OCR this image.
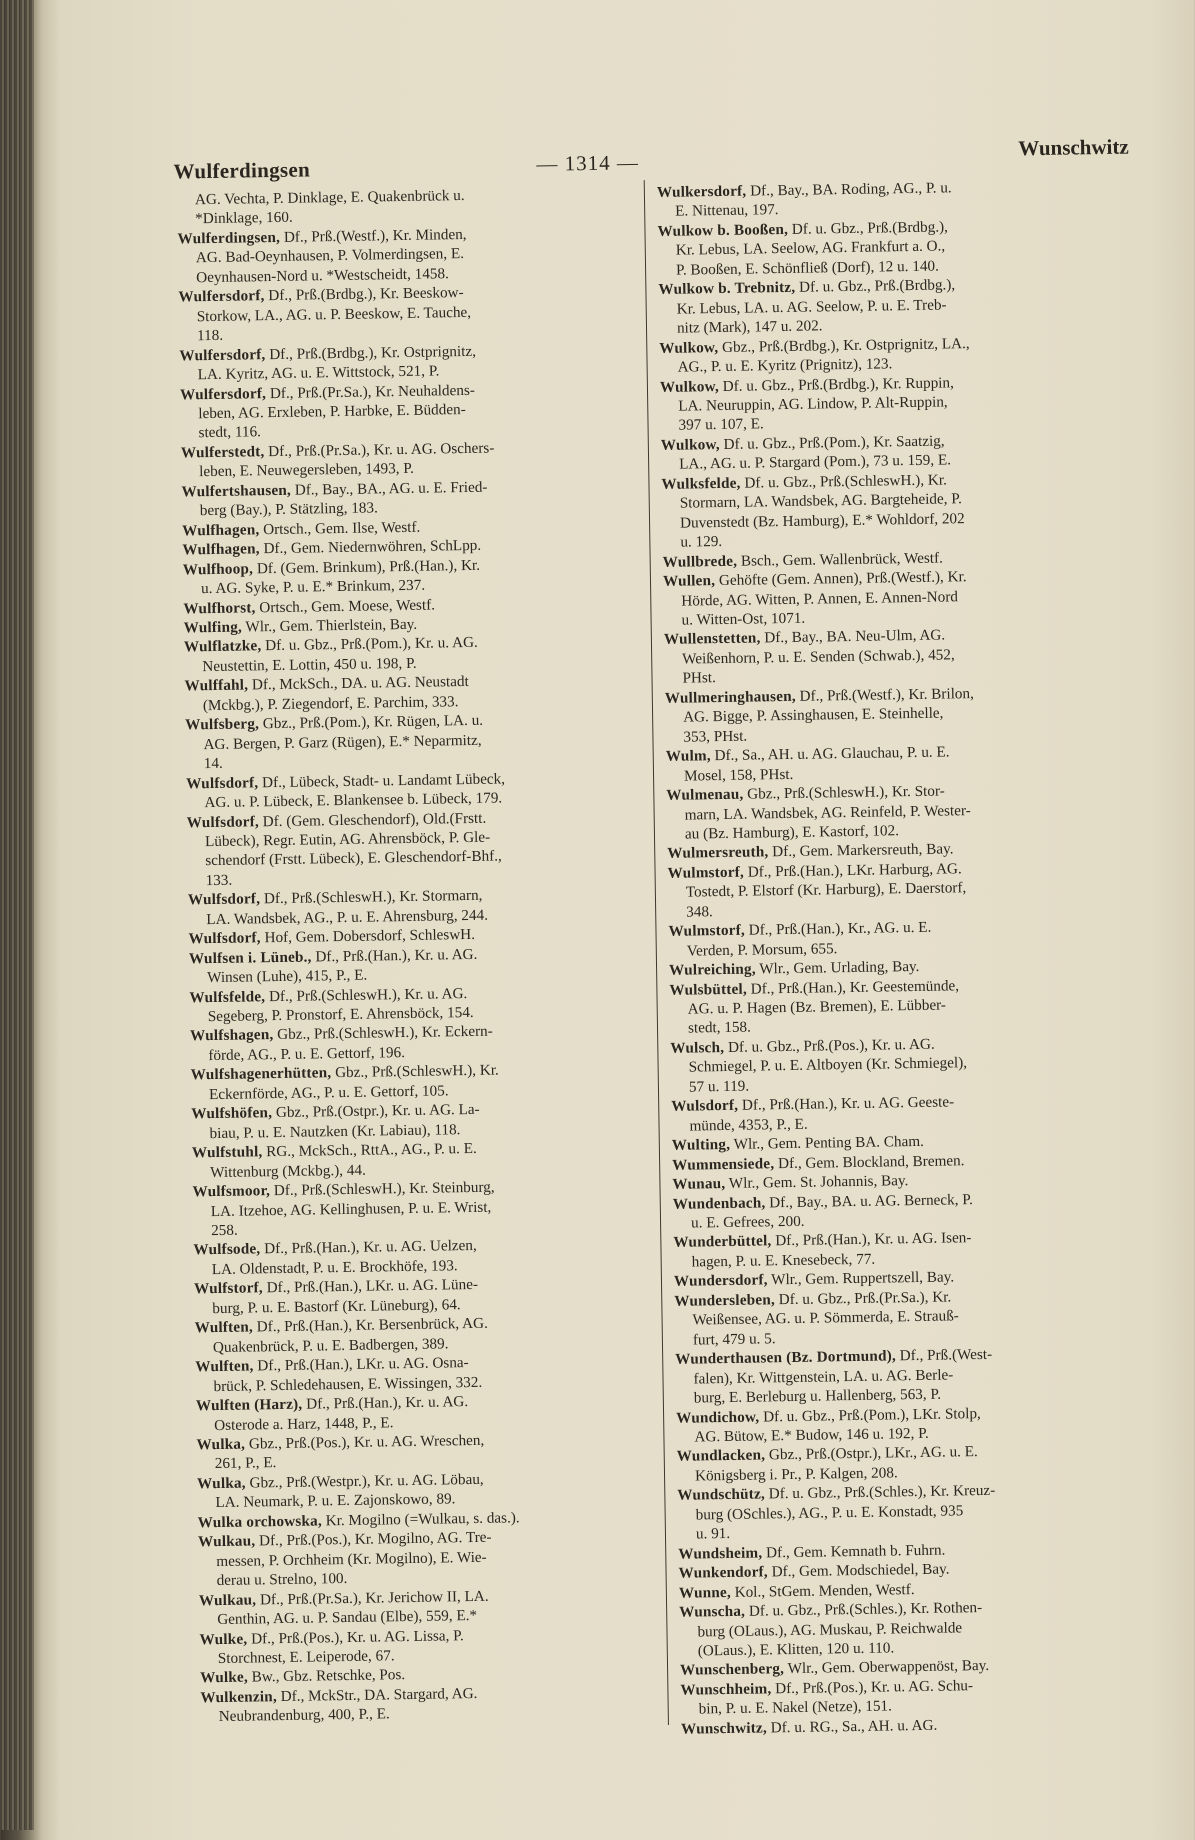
Wulferdingsen	— 1314 —
Wunschwitz
AG. Vechta, P. Dinklage, E. Quakenbrück u.
*Dinklage, 160.
Wulferdingsen, Df., Prß.(Westf.), Kr. Minden,
AG. Bad-Oeynhausen, P. Volmerdingsen, E.
Oeynhausen-Nord u. *Westscheidt, 1458.
Wulfersdorf, Df., Prß.(Brdbg.), Kr. Beeskow-
Storkow, LA., AG. u. P. Beeskow, E. Tauche,
118.
Wulfersdorf, Df., Prß.(Brdbg.), Kr. Ostprignitz,
LA. Kyritz, AG. u. E. Wittstock, 521, P.
Wulfersdorf, Df., Prß.(Pr.Sa.), Kr. Neuhaldens-
leben, AG. Erxleben, P. Harbke, E. Büdden-
stedt, 116.
Wulferstedt, Df., Prß.(Pr.Sa.), Kr. u. AG. Oschers-
leben, E. Neuwegersleben, 1493, P.
Wulfertshausen, Df., Bay., BA., AG. u. E. Fried-
berg (Bay.), P. Stätzling, 183.
Wulfhagen, Ortsch., Gem. Ilse, Westf.
Wulfhagen, Df., Gem. Niedernwöhren, SchLpp.
Wulfhoop, Df. (Gem. Brinkum), Prß.(Han.), Kr.
u. AG. Syke, P. u. E.* Brinkum, 237.
Wulfhorst, Ortsch., Gem. Moese, Westf.
Wulfing, Wlr., Gem. Thierlstein, Bay.
Wulflatzke, Df. u. Gbz., Prß.(Pom.), Kr. u. AG.
Neustettin, E. Lottin, 450 u. 198, P.
Wulffahl, Df., MckSch., DA. u. AG. Neustadt
(Mckbg.), P. Ziegendorf, E. Parchim, 333.
Wulfsberg, Gbz., Prß.(Pom.), Kr. Rügen, LA. u.
AG. Bergen, P. Garz (Rügen), E.* Neparmitz,
14.
Wulfsdorf, Df., Lübeck, Stadt- u. Landamt Lübeck,
AG. u. P. Lübeck, E. Blankensee b. Lübeck, 179.
Wulfsdorf, Df. (Gem. Gleschendorf), Old.(Frstt.
Lübeck), Regr. Eutin, AG. Ahrensböck, P. Gle-
schendorf (Frstt. Lübeck), E. Gleschendorf-Bhf.,
133.
Wulfsdorf, Df., Prß.(SchleswH.), Kr. Stormarn,
LA. Wandsbek, AG., P. u. E. Ahrensburg, 244.
Wulfsdorf, Hof, Gem. Dobersdorf, SchleswH.
Wulfsen i. Lüneb., Df., Prß.(Han.), Kr. u. AG.
Winsen (Luhe), 415, P., E.
Wulfsfelde, Df., Prß.(SchleswH.), Kr. u. AG.
Segeberg, P. Pronstorf, E. Ahrensböck, 154.
Wulfshagen, Gbz., Prß.(SchleswH.), Kr. Eckern-
förde, AG., P. u. E. Gettorf, 196.
Wulfshagenerhütten, Gbz., Prß.(SchleswH.), Kr.
Eckernförde, AG., P. u. E. Gettorf, 105.
Wulfshöfen, Gbz., Prß.(Ostpr.), Kr. u. AG. La-
biau, P. u. E. Nautzken (Kr. Labiau), 118.
Wulfstuhl, RG., MckSch., RttA., AG., P. u. E.
Wittenburg (Mckbg.), 44.
Wulfsmoor, Df., Prß.(SchleswH.), Kr. Steinburg,
LA. Itzehoe, AG. Kellinghusen, P. u. E. Wrist,
258.
Wulfsode, Df., Prß.(Han.), Kr. u. AG. Uelzen,
LA. Oldenstadt, P. u. E. Brockhöfe, 193.
Wulfstorf, Df., Prß.(Han.), LKr. u. AG. Lüne-
burg, P. u. E. Bastorf (Kr. Lüneburg), 64.
Wulften, Df., Prß.(Han.), Kr. Bersenbrück, AG.
Quakenbrück, P. u. E. Badbergen, 389.
Wulften, Df., Prß.(Han.), LKr. u. AG. Osna-
brück, P. Schledehausen, E. Wissingen, 332.
Wulften (Harz), Df., Prß.(Han.), Kr. u. AG.
Osterode a. Harz, 1448, P., E.
Wulka, Gbz., Prß.(Pos.), Kr. u. AG. Wreschen,
261, P., E.
Wulka, Gbz., Prß.(Westpr.), Kr. u. AG. Löbau,
LA. Neumark, P. u. E. Zajonskowo, 89.
Wulka orchowska, Kr. Mogilno (=Wulkau, s. das.).
Wulkau, Df., Prß.(Pos.), Kr. Mogilno, AG. Tre-
messen, P. Orchheim (Kr. Mogilno), E. Wie-
derau u. Strelno, 100.
Wulkau, Df., Prß.(Pr.Sa.), Kr. Jerichow II, LA.
Genthin, AG. u. P. Sandau (Elbe), 559, E.*
Wulke, Df., Prß.(Pos.), Kr. u. AG. Lissa, P.
Storchnest, E. Leiperode, 67.
Wulke, Bw., Gbz. Retschke, Pos.
Wulkenzin, Df., MckStr., DA. Stargard, AG.
Neubrandenburg, 400, P., E.
Wulkersdorf, Df., Bay., BA. Roding, AG., P. u.
E. Nittenau, 197.
Wulkow b. Booßen, Df. u. Gbz., Prß.(Brdbg.),
Kr. Lebus, LA. Seelow, AG. Frankfurt a. O.,
P. Booßen, E. Schönfließ (Dorf), 12 u. 140.
Wulkow b. Trebnitz, Df. u. Gbz., Prß.(Brdbg.),
Kr. Lebus, LA. u. AG. Seelow, P. u. E. Treb-
nitz (Mark), 147 u. 202.
Wulkow, Gbz., Prß.(Brdbg.), Kr. Ostprignitz, LA.,
AG., P. u. E. Kyritz (Prignitz), 123.
Wulkow, Df. u. Gbz., Prß.(Brdbg.), Kr. Ruppin,
LA. Neuruppin, AG. Lindow, P. Alt-Ruppin,
397 u. 107, E.
Wulkow, Df. u. Gbz., Prß.(Pom.), Kr. Saatzig,
LA., AG. u. P. Stargard (Pom.), 73 u. 159, E.
Wulksfelde, Df. u. Gbz., Prß.(SchleswH.), Kr.
Stormarn, LA. Wandsbek, AG. Bargteheide, P.
Duvenstedt (Bz. Hamburg), E.* Wohldorf, 202
u. 129.
Wullbrede, Bsch., Gem. Wallenbrück, Westf.
Wullen, Gehöfte (Gem. Annen), Prß.(Westf.), Kr.
Hörde, AG. Witten, P. Annen, E. Annen-Nord
u. Witten-Ost, 1071.
Wullenstetten, Df., Bay., BA. Neu-Ulm, AG.
Weißenhorn, P. u. E. Senden (Schwab.), 452,
PHst.
Wullmeringhausen, Df., Prß.(Westf.), Kr. Brilon,
AG. Bigge, P. Assinghausen, E. Steinhelle,
353, PHst.
Wulm, Df., Sa., AH. u. AG. Glauchau, P. u. E.
Mosel, 158, PHst.
Wulmenau, Gbz., Prß.(SchleswH.), Kr. Stor-
marn, LA. Wandsbek, AG. Reinfeld, P. Wester-
au (Bz. Hamburg), E. Kastorf, 102.
Wulmersreuth, Df., Gem. Markersreuth, Bay.
Wulmstorf, Df., Prß.(Han.), LKr. Harburg, AG.
Tostedt, P. Elstorf (Kr. Harburg), E. Daerstorf,
348.
Wulmstorf, Df., Prß.(Han.), Kr., AG. u. E.
Verden, P. Morsum, 655.
Wulreiching, Wlr., Gem. Urlading, Bay.
Wulsbüttel, Df., Prß.(Han.), Kr. Geestemünde,
AG. u. P. Hagen (Bz. Bremen), E. Lübber-
stedt, 158.
Wulsch, Df. u. Gbz., Prß.(Pos.), Kr. u. AG.
Schmiegel, P. u. E. Altboyen (Kr. Schmiegel),
57 u. 119.
Wulsdorf, Df., Prß.(Han.), Kr. u. AG. Geeste-
münde, 4353, P., E.
Wulting, Wlr., Gem. Penting BA. Cham.
Wummensiede, Df., Gem. Blockland, Bremen.
Wunau, Wlr., Gem. St. Johannis, Bay.
Wundenbach, Df., Bay., BA. u. AG. Berneck, P.
u. E. Gefrees, 200.
Wunderbüttel, Df., Prß.(Han.), Kr. u. AG. Isen-
hagen, P. u. E. Knesebeck, 77.
Wundersdorf, Wlr., Gem. Ruppertszell, Bay.
Wundersleben, Df. u. Gbz., Prß.(Pr.Sa.), Kr.
Weißensee, AG. u. P. Sömmerda, E. Strauß-
furt, 479 u. 5.
Wunderthausen (Bz. Dortmund), Df., Prß.(West-
falen), Kr. Wittgenstein, LA. u. AG. Berle-
burg, E. Berleburg u. Hallenberg, 563, P.
Wundichow, Df. u. Gbz., Prß.(Pom.), LKr. Stolp,
AG. Bütow, E.* Budow, 146 u. 192, P.
Wundlacken, Gbz., Prß.(Ostpr.), LKr., AG. u. E.
Königsberg i. Pr., P. Kalgen, 208.
Wundschütz, Df. u. Gbz., Prß.(Schles.), Kr. Kreuz-
burg (OSchles.), AG., P. u. E. Konstadt, 935
u. 91.
Wundsheim, Df., Gem. Kemnath b. Fuhrn.
Wunkendorf, Df., Gem. Modschiedel, Bay.
Wunne, Kol., StGem. Menden, Westf.
Wunscha, Df. u. Gbz., Prß.(Schles.), Kr. Rothen-
burg (OLaus.), AG. Muskau, P. Reichwalde
(OLaus.), E. Klitten, 120 u. 110.
Wunschenberg, Wlr., Gem. Oberwappenöst, Bay.
Wunschheim, Df., Prß.(Pos.), Kr. u. AG. Schu-
bin, P. u. E. Nakel (Netze), 151.
Wunschwitz, Df. u. RG., Sa., AH. u. AG.
